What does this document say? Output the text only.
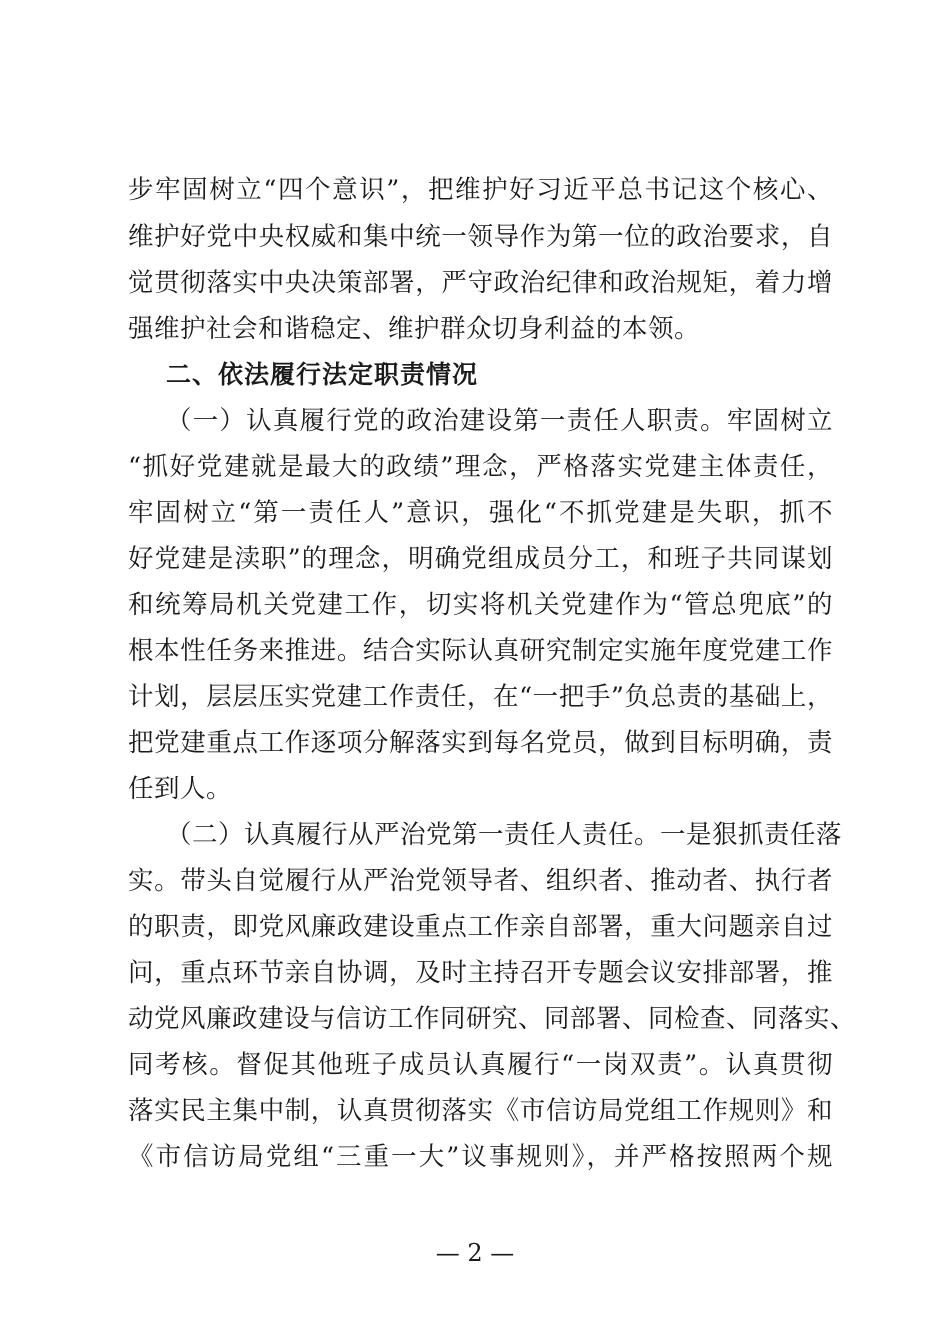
步牢固树立“四个意识”，把维护好习近平总书记这个核心、
维护好党中央权威和集中统一领导作为第一位的政治要求，自
觉贯彻落实中央决策部署，严守政治纪律和政治规矩，着力增
强维护社会和谐稳定、维护群众切身利益的本领。
二、依法履行法定职责情况
（一）认真履行党的政治建设第一责任人职责。牢固树立
“抓好党建就是最大的政绩”理念，严格落实党建主体责任，
牢固树立“第一责任人”意识，强化“不抓党建是失职，抓不
好党建是渎职”的理念，明确党组成员分工，和班子共同谋划
和统筹局机关党建工作，切实将机关党建作为“管总兜底”的
根本性任务来推进。结合实际认真研究制定实施年度党建工作
计划，层层压实党建工作责任，在“一把手”负总责的基础上，
把党建重点工作逐项分解落实到每名党员，做到目标明确，责
任到人。
（二）认真履行从严治党第一责任人责任。一是狠抓责任落
实。带头自觉履行从严治党领导者、组织者、推动者、执行者
的职责，即党风廉政建设重点工作亲自部署，重大问题亲自过
问，重点环节亲自协调，及时主持召开专题会议安排部署，推
动党风廉政建设与信访工作同研究、同部署、同检查、同落实、
同考核。督促其他班子成员认真履行“一岗双责”。认真贯彻
落实民主集中制，认真贯彻落实《市信访局党组工作规则》和
《市信访局党组“三重一大”议事规则》，并严格按照两个规
— 2 —
